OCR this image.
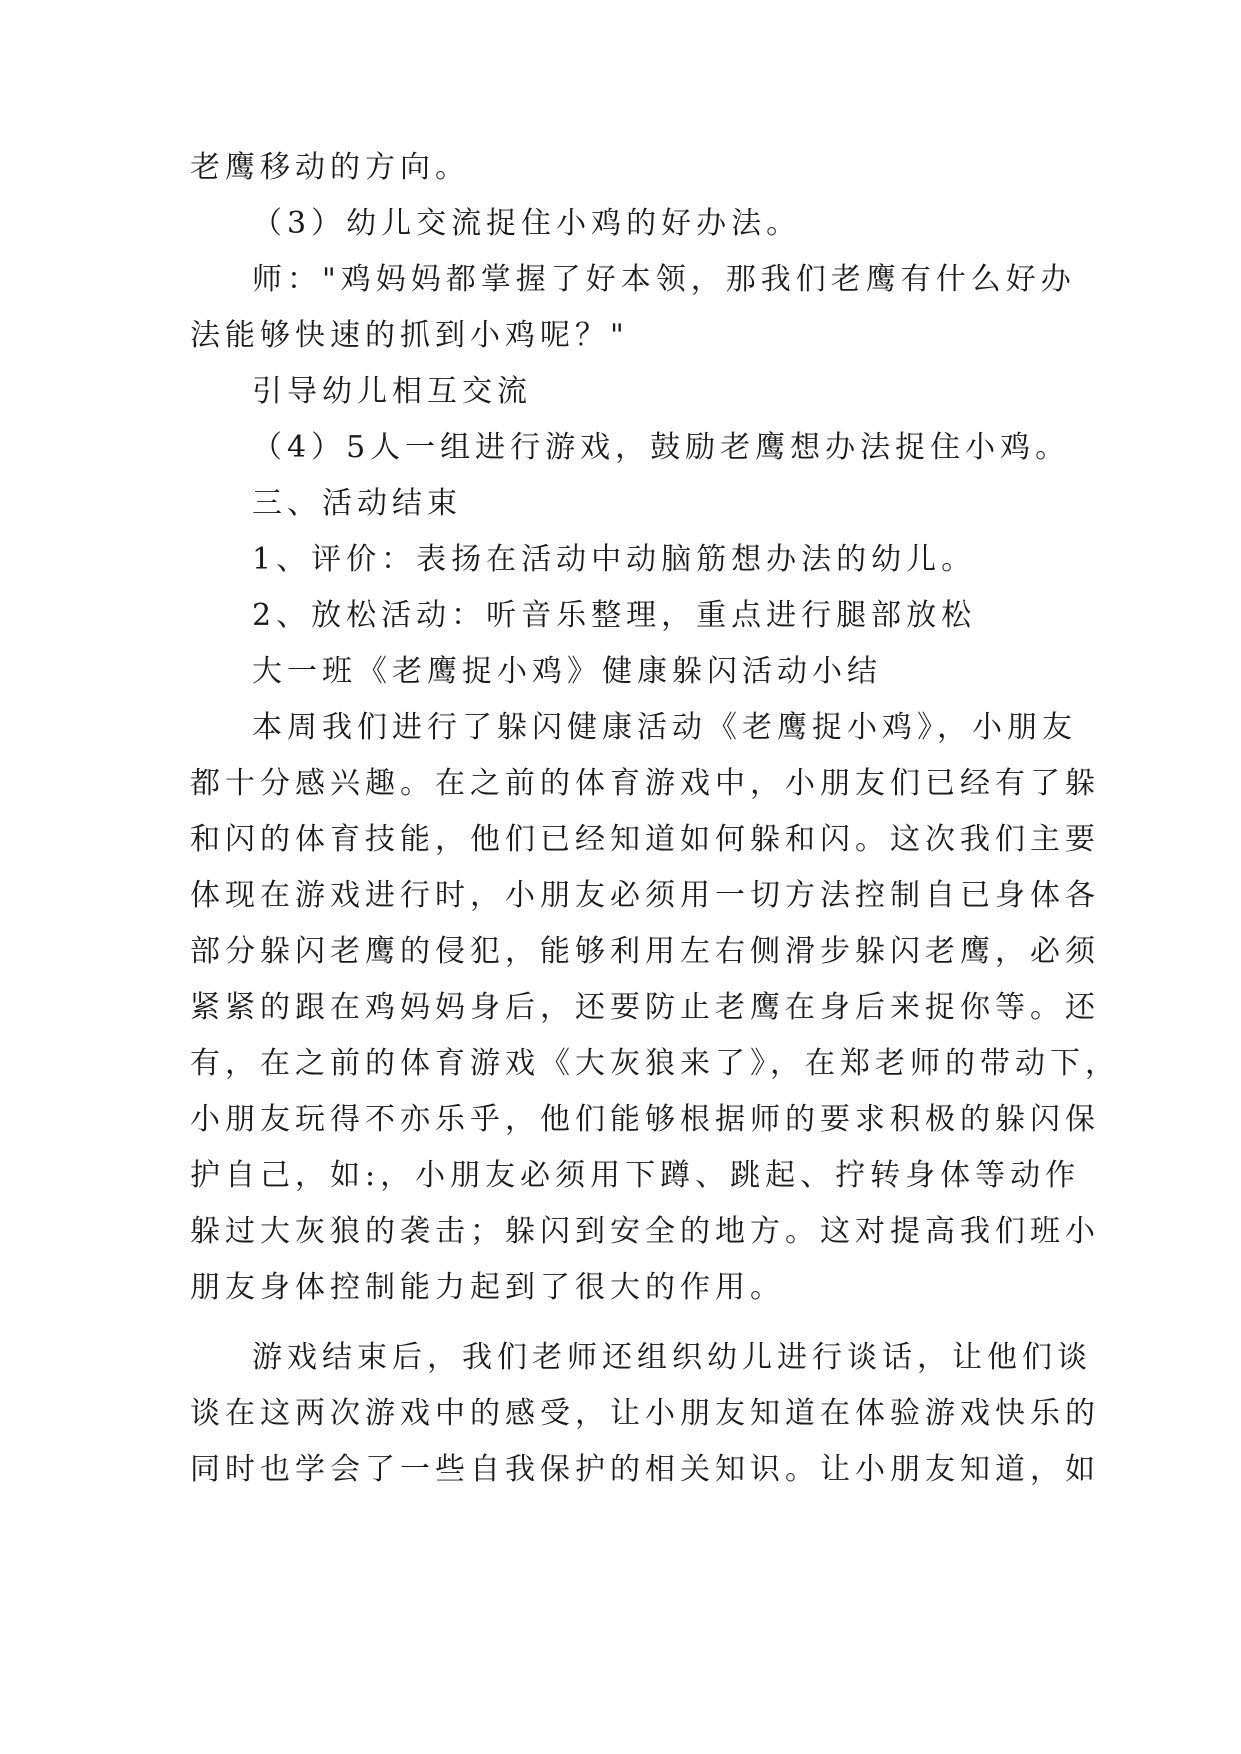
老鹰移动的方向。
（3）幼儿交流捉住小鸡的好办法。
师："鸡妈妈都掌握了好本领，那我们老鹰有什么好办
法能够快速的抓到小鸡呢？"
引导幼儿相互交流
（4）5人一组进行游戏，鼓励老鹰想办法捉住小鸡。
三、活动结束
1、评价：表扬在活动中动脑筋想办法的幼儿。
2、放松活动：听音乐整理，重点进行腿部放松
大一班《老鹰捉小鸡》健康躲闪活动小结
本周我们进行了躲闪健康活动《老鹰捉小鸡》，小朋友
都十分感兴趣。在之前的体育游戏中，小朋友们已经有了躲
和闪的体育技能，他们已经知道如何躲和闪。这次我们主要
体现在游戏进行时，小朋友必须用一切方法控制自已身体各
部分躲闪老鹰的侵犯，能够利用左右侧滑步躲闪老鹰，必须
紧紧的跟在鸡妈妈身后，还要防止老鹰在身后来捉你等。还
有，在之前的体育游戏《大灰狼来了》，在郑老师的带动下，
小朋友玩得不亦乐乎，他们能够根据师的要求积极的躲闪保
护自己，如:，小朋友必须用下蹲、跳起、拧转身体等动作
躲过大灰狼的袭击；躲闪到安全的地方。这对提高我们班小
朋友身体控制能力起到了很大的作用。
游戏结束后，我们老师还组织幼儿进行谈话，让他们谈
谈在这两次游戏中的感受，让小朋友知道在体验游戏快乐的
同时也学会了一些自我保护的相关知识。让小朋友知道，如
